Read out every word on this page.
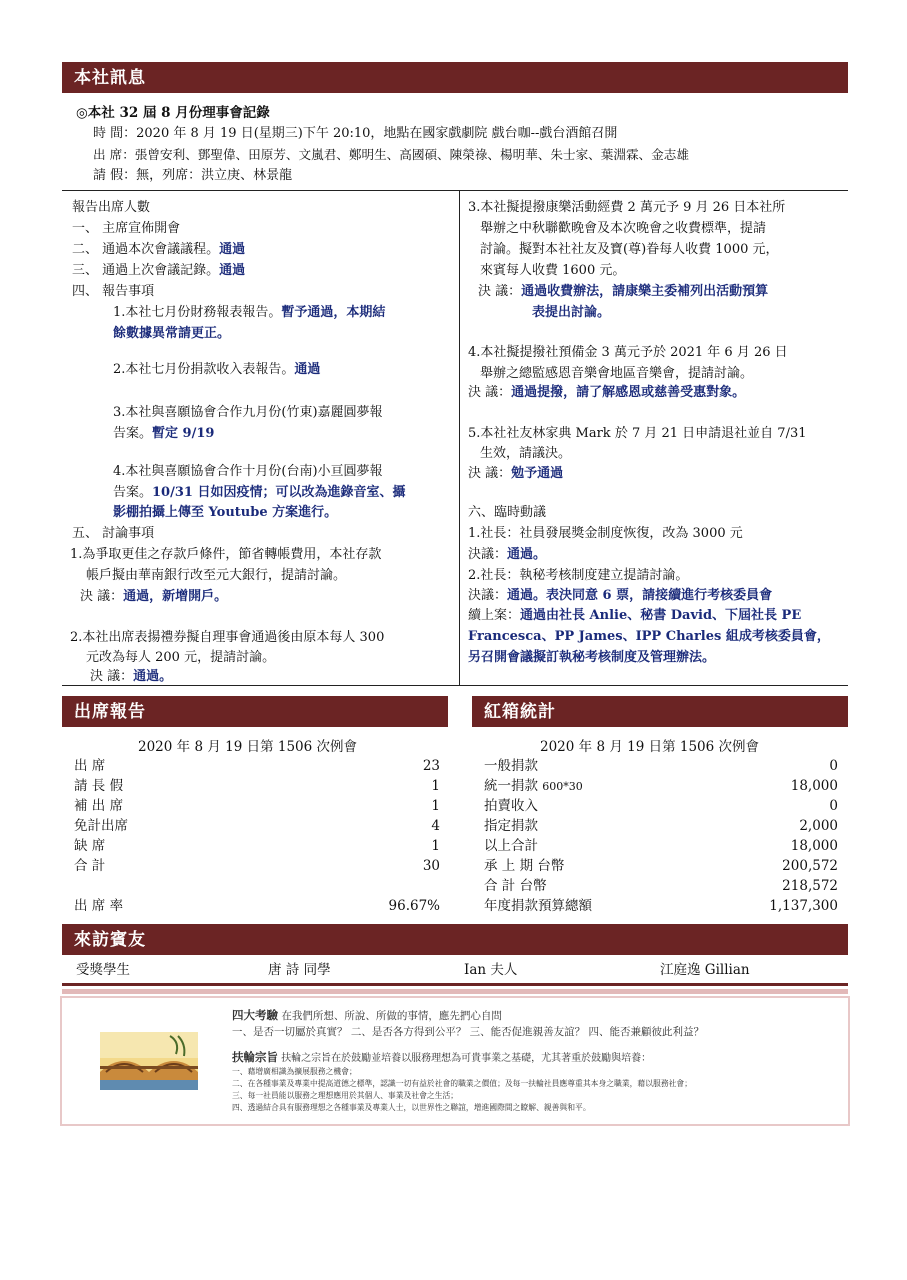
本社訊息
◎本社 32 屆 8 月份理事會記錄
時 間：2020 年 8 月 19 日(星期三)下午 20:10，地點在國家戲劇院 戲台咖--戲台酒館召開
出 席：張曾安利、鄧聖偉、田原芳、文嵐君、鄭明生、高國碩、陳榮祿、楊明華、朱士家、葉淵霖、金志雄
請 假：無，列席：洪立庚、林景龍
報告出席人數
一、 主席宣佈開會
二、 通過本次會議議程。通過
三、 通過上次會議記錄。通過
四、 報告事項
1.本社七月份財務報表報告。暫予通過，本期結
餘數據異常請更正。
2.本社七月份捐款收入表報告。通過
3.本社與喜願協會合作九月份(竹東)嘉麗圓夢報
告案。暫定 9/19
4.本社與喜願協會合作十月份(台南)小亘圓夢報
告案。10/31 日如因疫情；可以改為進錄音室、攝
影棚拍攝上傳至 Youtube 方案進行。
五、 討論事項
1.為爭取更佳之存款戶條件，節省轉帳費用，本社存款
帳戶擬由華南銀行改至元大銀行，提請討論。
決 議：通過，新增開戶。
2.本社出席表揚禮券擬自理事會通過後由原本每人 300
元改為每人 200 元，提請討論。
決 議：通過。
3.本社擬提撥康樂活動經費 2 萬元予 9 月 26 日本社所
舉辦之中秋聯歡晚會及本次晚會之收費標準，提請
討論。擬對本社社友及寶(尊)眷每人收費 1000 元，
來賓每人收費 1600 元。
決 議：通過收費辦法，請康樂主委補列出活動預算
表提出討論。
4.本社擬提撥社預備金 3 萬元予於 2021 年 6 月 26 日
舉辦之總監感恩音樂會地區音樂會，提請討論。
決 議：通過提撥，請了解感恩或慈善受惠對象。
5.本社社友林家典 Mark 於 7 月 21 日申請退社並自 7/31
生效，請議決。
決 議：勉予通過
六、臨時動議
1.社長：社員發展獎金制度恢復，改為 3000 元
決議：通過。
2.社長：執秘考核制度建立提請討論。
決議：通過。表決同意 6 票，請接續進行考核委員會
續上案：通過由社長 Anlie、秘書 David、下屆社長 PE
Francesca、PP James、IPP Charles 組成考核委員會，
另召開會議擬訂執秘考核制度及管理辦法。
出席報告	紅箱統計
2020 年 8 月 19 日第 1506 次例會
出 席	23
請 長 假	1
補 出 席	1
免計出席	4
缺 席	1
合 計	30
出 席 率	96.67%
2020 年 8 月 19 日第 1506 次例會
一般捐款	0
統一捐款 600*30	18,000
拍賣收入	0
指定捐款	2,000
以上合計	18,000
承 上 期 台幣	200,572
合 計 台幣	218,572
年度捐款預算總額	1,137,300
來訪賓友
受獎學生	唐 詩 同學	Ian 夫人	江庭逸 Gillian
四大考驗 在我們所想、所說、所做的事情，應先捫心自問
一、是否一切屬於真實？ 二、是否各方得到公平？ 三、能否促進親善友誼？ 四、能否兼顧彼此利益？
扶輪宗旨 扶輪之宗旨在於鼓勵並培養以服務理想為可貴事業之基礎，尤其著重於鼓勵與培養：
一、藉增廣相識為擴展服務之機會；
二、在各種事業及專業中提高道德之標準，認識一切有益於社會的職業之價值；及每一扶輪社員應尊重其本身之職業，藉以服務社會；
三、每一社員能以服務之理想應用於其個人、事業及社會之生活；
四、透過結合具有服務理想之各種事業及專業人士，以世界性之聯誼，增進國際間之瞭解、親善與和平。
